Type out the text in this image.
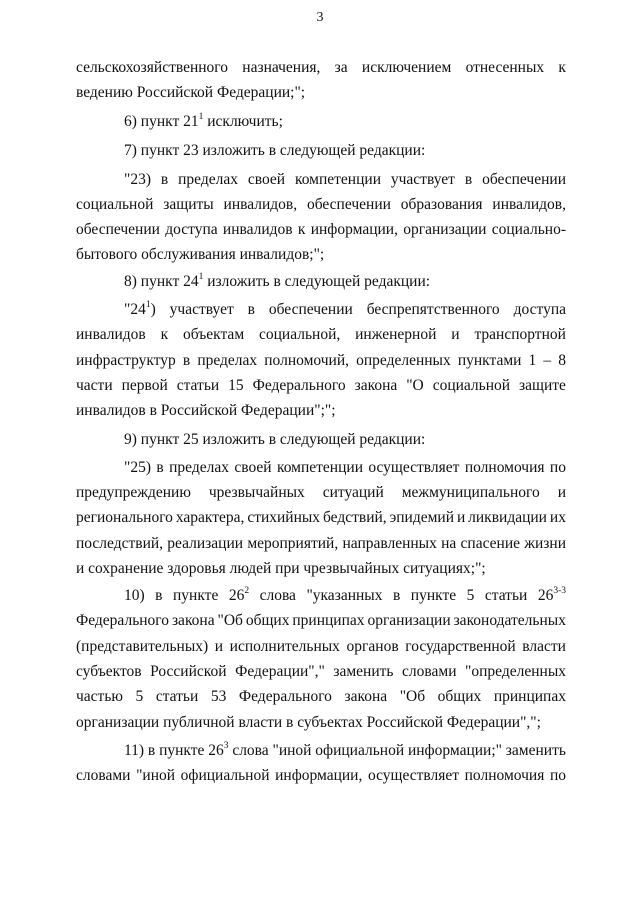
3
сельскохозяйственного назначения, за исключением отнесенных к
ведению Российской Федерации;";
6) пункт $21^1$ исключить;
7) пункт 23 изложить в следующей редакции:
"23) в пределах своей компетенции участвует в обеспечении
социальной защиты инвалидов, обеспечении образования инвалидов,
обеспечении доступа инвалидов к информации, организации социально-
бытового обслуживания инвалидов;";
8) пункт $24^1$ изложить в следующей редакции:
"$24^1$) участвует в обеспечении беспрепятственного доступа
инвалидов к объектам социальной, инженерной и транспортной
инфраструктур в пределах полномочий, определенных пунктами 1 – 8
части первой статьи 15 Федерального закона "О социальной защите
инвалидов в Российской Федерации";";
9) пункт 25 изложить в следующей редакции:
"25) в пределах своей компетенции осуществляет полномочия по
предупреждению чрезвычайных ситуаций межмуниципального и
регионального характера, стихийных бедствий, эпидемий и ликвидации их
последствий, реализации мероприятий, направленных на спасение жизни
и сохранение здоровья людей при чрезвычайных ситуациях;";
10) в пункте $26^2$ слова "указанных в пункте 5 статьи 26$^{3-3}$
Федерального закона "Об общих принципах организации законодательных
(представительных) и исполнительных органов государственной власти
субъектов Российской Федерации"," заменить словами "определенных
частью 5 статьи 53 Федерального закона "Об общих принципах
организации публичной власти в субъектах Российской Федерации",";
11) в пункте $26^3$ слова "иной официальной информации;" заменить
словами "иной официальной информации, осуществляет полномочия по
